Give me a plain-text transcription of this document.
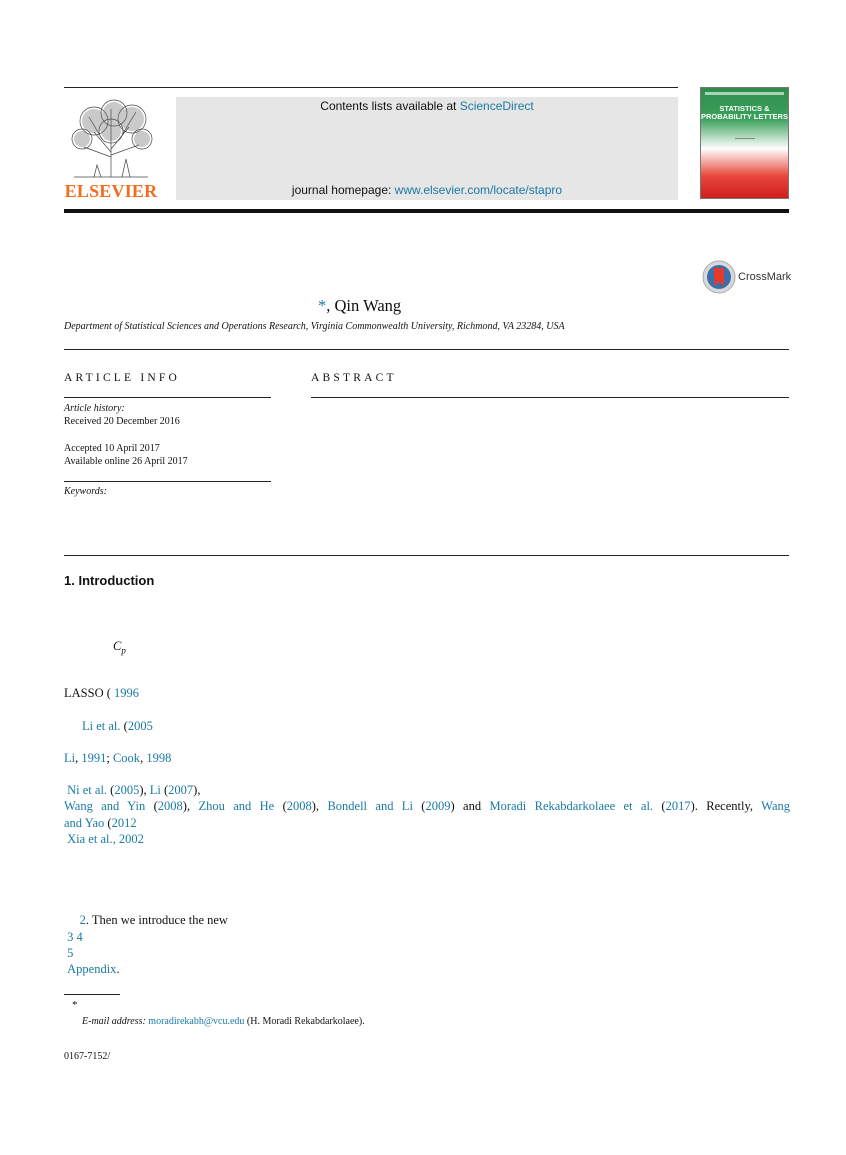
ELSEVIER
Contents lists available at ScienceDirect
journal homepage: www.elsevier.com/locate/stapro
STATISTICS & PROBABILITY LETTERS
CrossMark
*, Qin Wang
Department of Statistical Sciences and Operations Research, Virginia Commonwealth University, Richmond, VA 23284, USA
ARTICLE INFO	ABSTRACT
Article history:
Received 20 December 2016
Accepted 10 April 2017
Available online 26 April 2017
Keywords:
1. Introduction
$C_p$
LASSO ( 1996
Li et al. (2005
Li, 1991; Cook, 1998
Ni et al. (2005), Li (2007),
Wang and Yin (2008), Zhou and He (2008), Bondell and Li (2009) and Moradi Rekabdarkolaee et al. (2017). Recently, Wang
and Yao (2012
Xia et al., 2002
2. Then we introduce the new
3 4
5
Appendix.
*
E-mail address: moradirekabh@vcu.edu (H. Moradi Rekabdarkolaee).
0167-7152/
